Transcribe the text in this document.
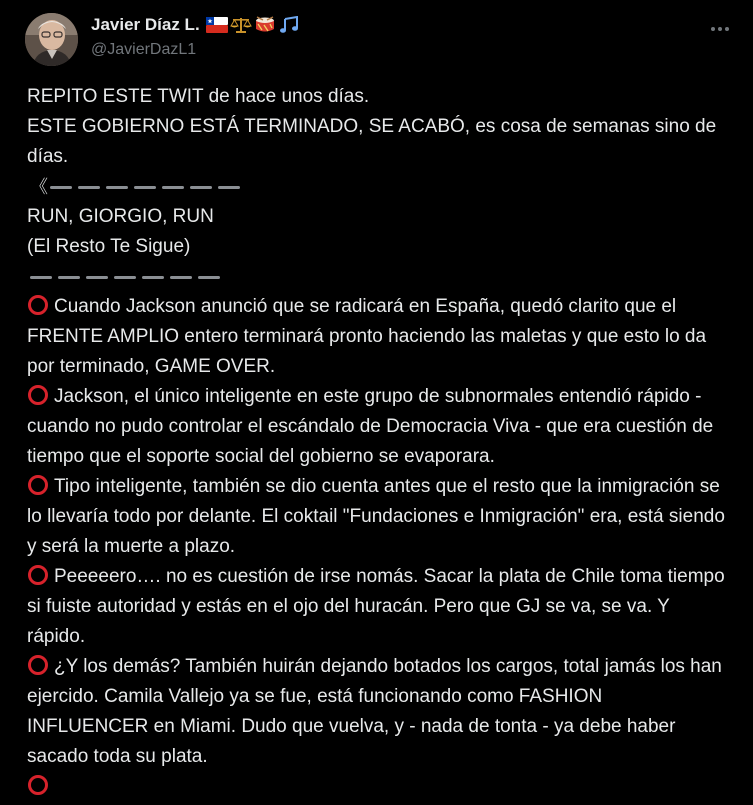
Javier Díaz L.
@JavierDazL1
REPITO ESTE TWIT de hace unos días.
ESTE GOBIERNO ESTÁ TERMINADO, SE ACABÓ, es cosa de semanas sino de días.
《
RUN, GIORGIO, RUN
(El Resto Te Sigue)
Cuando Jackson anunció que se radicará en España, quedó clarito que el FRENTE AMPLIO entero terminará pronto haciendo las maletas y que esto lo da por terminado, GAME OVER.
Jackson, el único inteligente en este grupo de subnormales entendió rápido - cuando no pudo controlar el escándalo de Democracia Viva - que era cuestión de tiempo que el soporte social del gobierno se evaporara.
Tipo inteligente, también se dio cuenta antes que el resto que la inmigración se lo llevaría todo por delante. El coktail "Fundaciones e Inmigración" era, está siendo y será la muerte a plazo.
Peeeeero…. no es cuestión de irse nomás. Sacar la plata de Chile toma tiempo si fuiste autoridad y estás en el ojo del huracán. Pero que GJ se va, se va. Y rápido.
¿Y los demás? También huirán dejando botados los cargos, total jamás los han ejercido. Camila Vallejo ya se fue, está funcionando como FASHION INFLUENCER en Miami. Dudo que vuelva, y - nada de tonta - ya debe haber sacado toda su plata.
